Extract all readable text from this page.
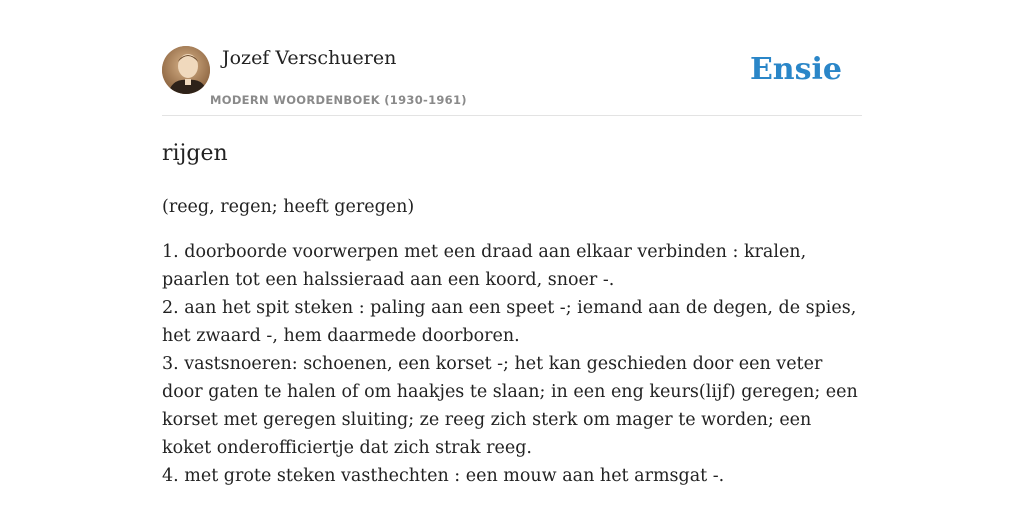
Jozef Verschueren
MODERN WOORDENBOEK (1930-1961)
Ensie
rijgen
(reeg, regen; heeft geregen)
1. doorboorde voorwerpen met een draad aan elkaar verbinden : kralen, paarlen tot een halssieraad aan een koord, snoer -.
2. aan het spit steken : paling aan een speet -; iemand aan de degen, de spies, het zwaard -, hem daarmede doorboren.
3. vastsnoeren: schoenen, een korset -; het kan geschieden door een veter door gaten te halen of om haakjes te slaan; in een eng keurs(lijf) geregen; een korset met geregen sluiting; ze reeg zich sterk om mager te worden; een koket onderofficiertje dat zich strak reeg.
4. met grote steken vasthechten : een mouw aan het armsgat -.
